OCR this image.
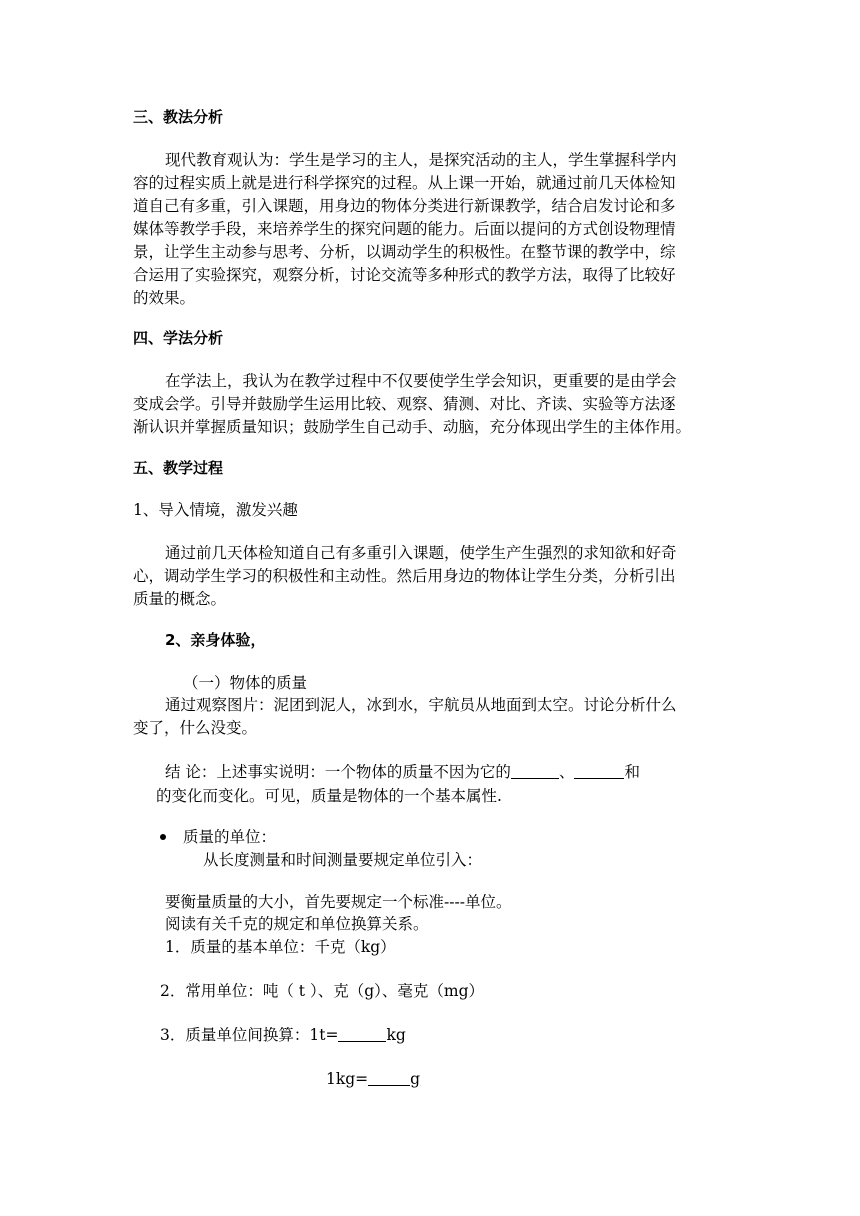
三、教法分析
现代教育观认为：学生是学习的主人，是探究活动的主人，学生掌握科学内
容的过程实质上就是进行科学探究的过程。从上课一开始，就通过前几天体检知
道自己有多重，引入课题，用身边的物体分类进行新课教学，结合启发讨论和多
媒体等教学手段，来培养学生的探究问题的能力。后面以提问的方式创设物理情
景，让学生主动参与思考、分析，以调动学生的积极性。在整节课的教学中，综
合运用了实验探究，观察分析，讨论交流等多种形式的教学方法，取得了比较好
的效果。
四、学法分析
在学法上，我认为在教学过程中不仅要使学生学会知识，更重要的是由学会
变成会学。引导并鼓励学生运用比较、观察、猜测、对比、齐读、实验等方法逐
渐认识并掌握质量知识；鼓励学生自己动手、动脑，充分体现出学生的主体作用。
五、教学过程
1、导入情境，激发兴趣
通过前几天体检知道自己有多重引入课题，使学生产生强烈的求知欲和好奇
心，调动学生学习的积极性和主动性。然后用身边的物体让学生分类，分析引出
质量的概念。
2、亲身体验，
（一）物体的质量
通过观察图片：泥团到泥人，冰到水，宇航员从地面到太空。讨论分析什么
变了，什么没变。
结 论：上述事实说明：一个物体的质量不因为它的	、	和
的变化而变化。可见，质量是物体的一个基本属性.
质量的单位：
从长度测量和时间测量要规定单位引入：
要衡量质量的大小，首先要规定一个标准----单位。
阅读有关千克的规定和单位换算关系。
1．质量的基本单位：千克（kg）
2．常用单位：吨（ t ）、克（g）、毫克（mg）
3．质量单位间换算：1t=	kg
1kg=	g
